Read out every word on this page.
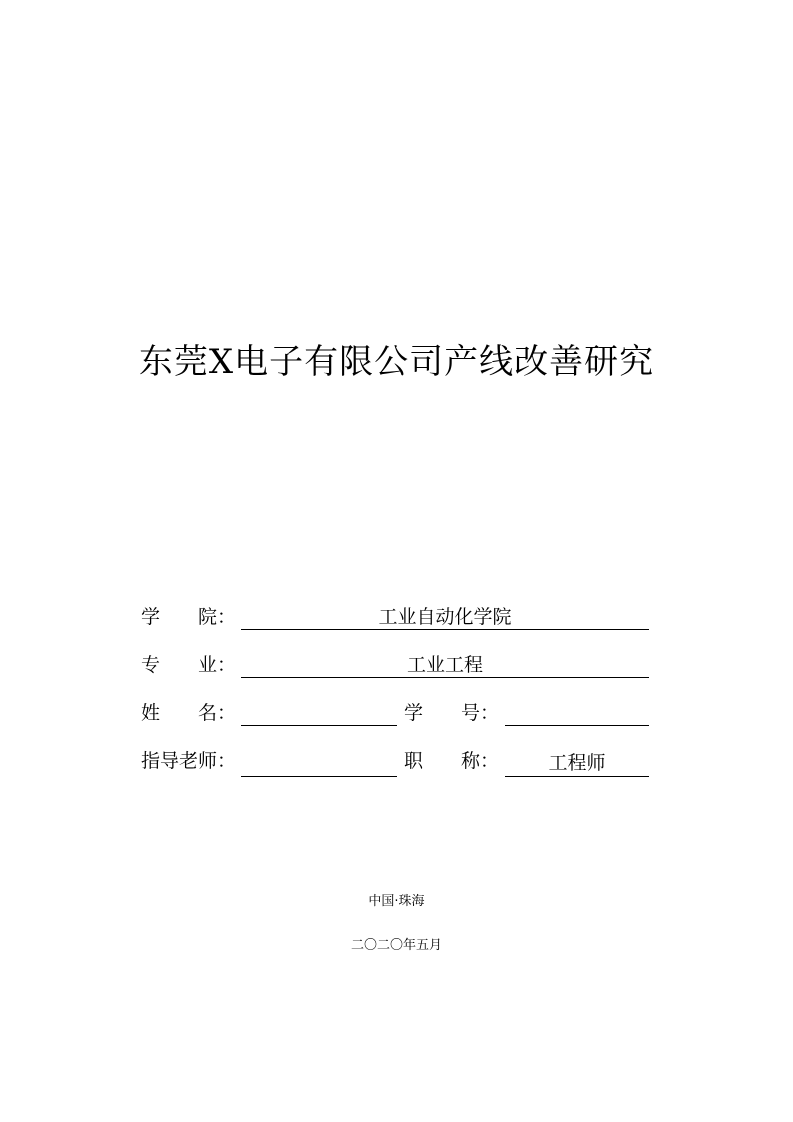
东莞X电子有限公司产线改善研究
学 院：	工业自动化学院
专 业：	工业工程
姓 名：	学 号：
指导老师：	职 称：	工程师
中国·珠海
二〇二〇年五月
